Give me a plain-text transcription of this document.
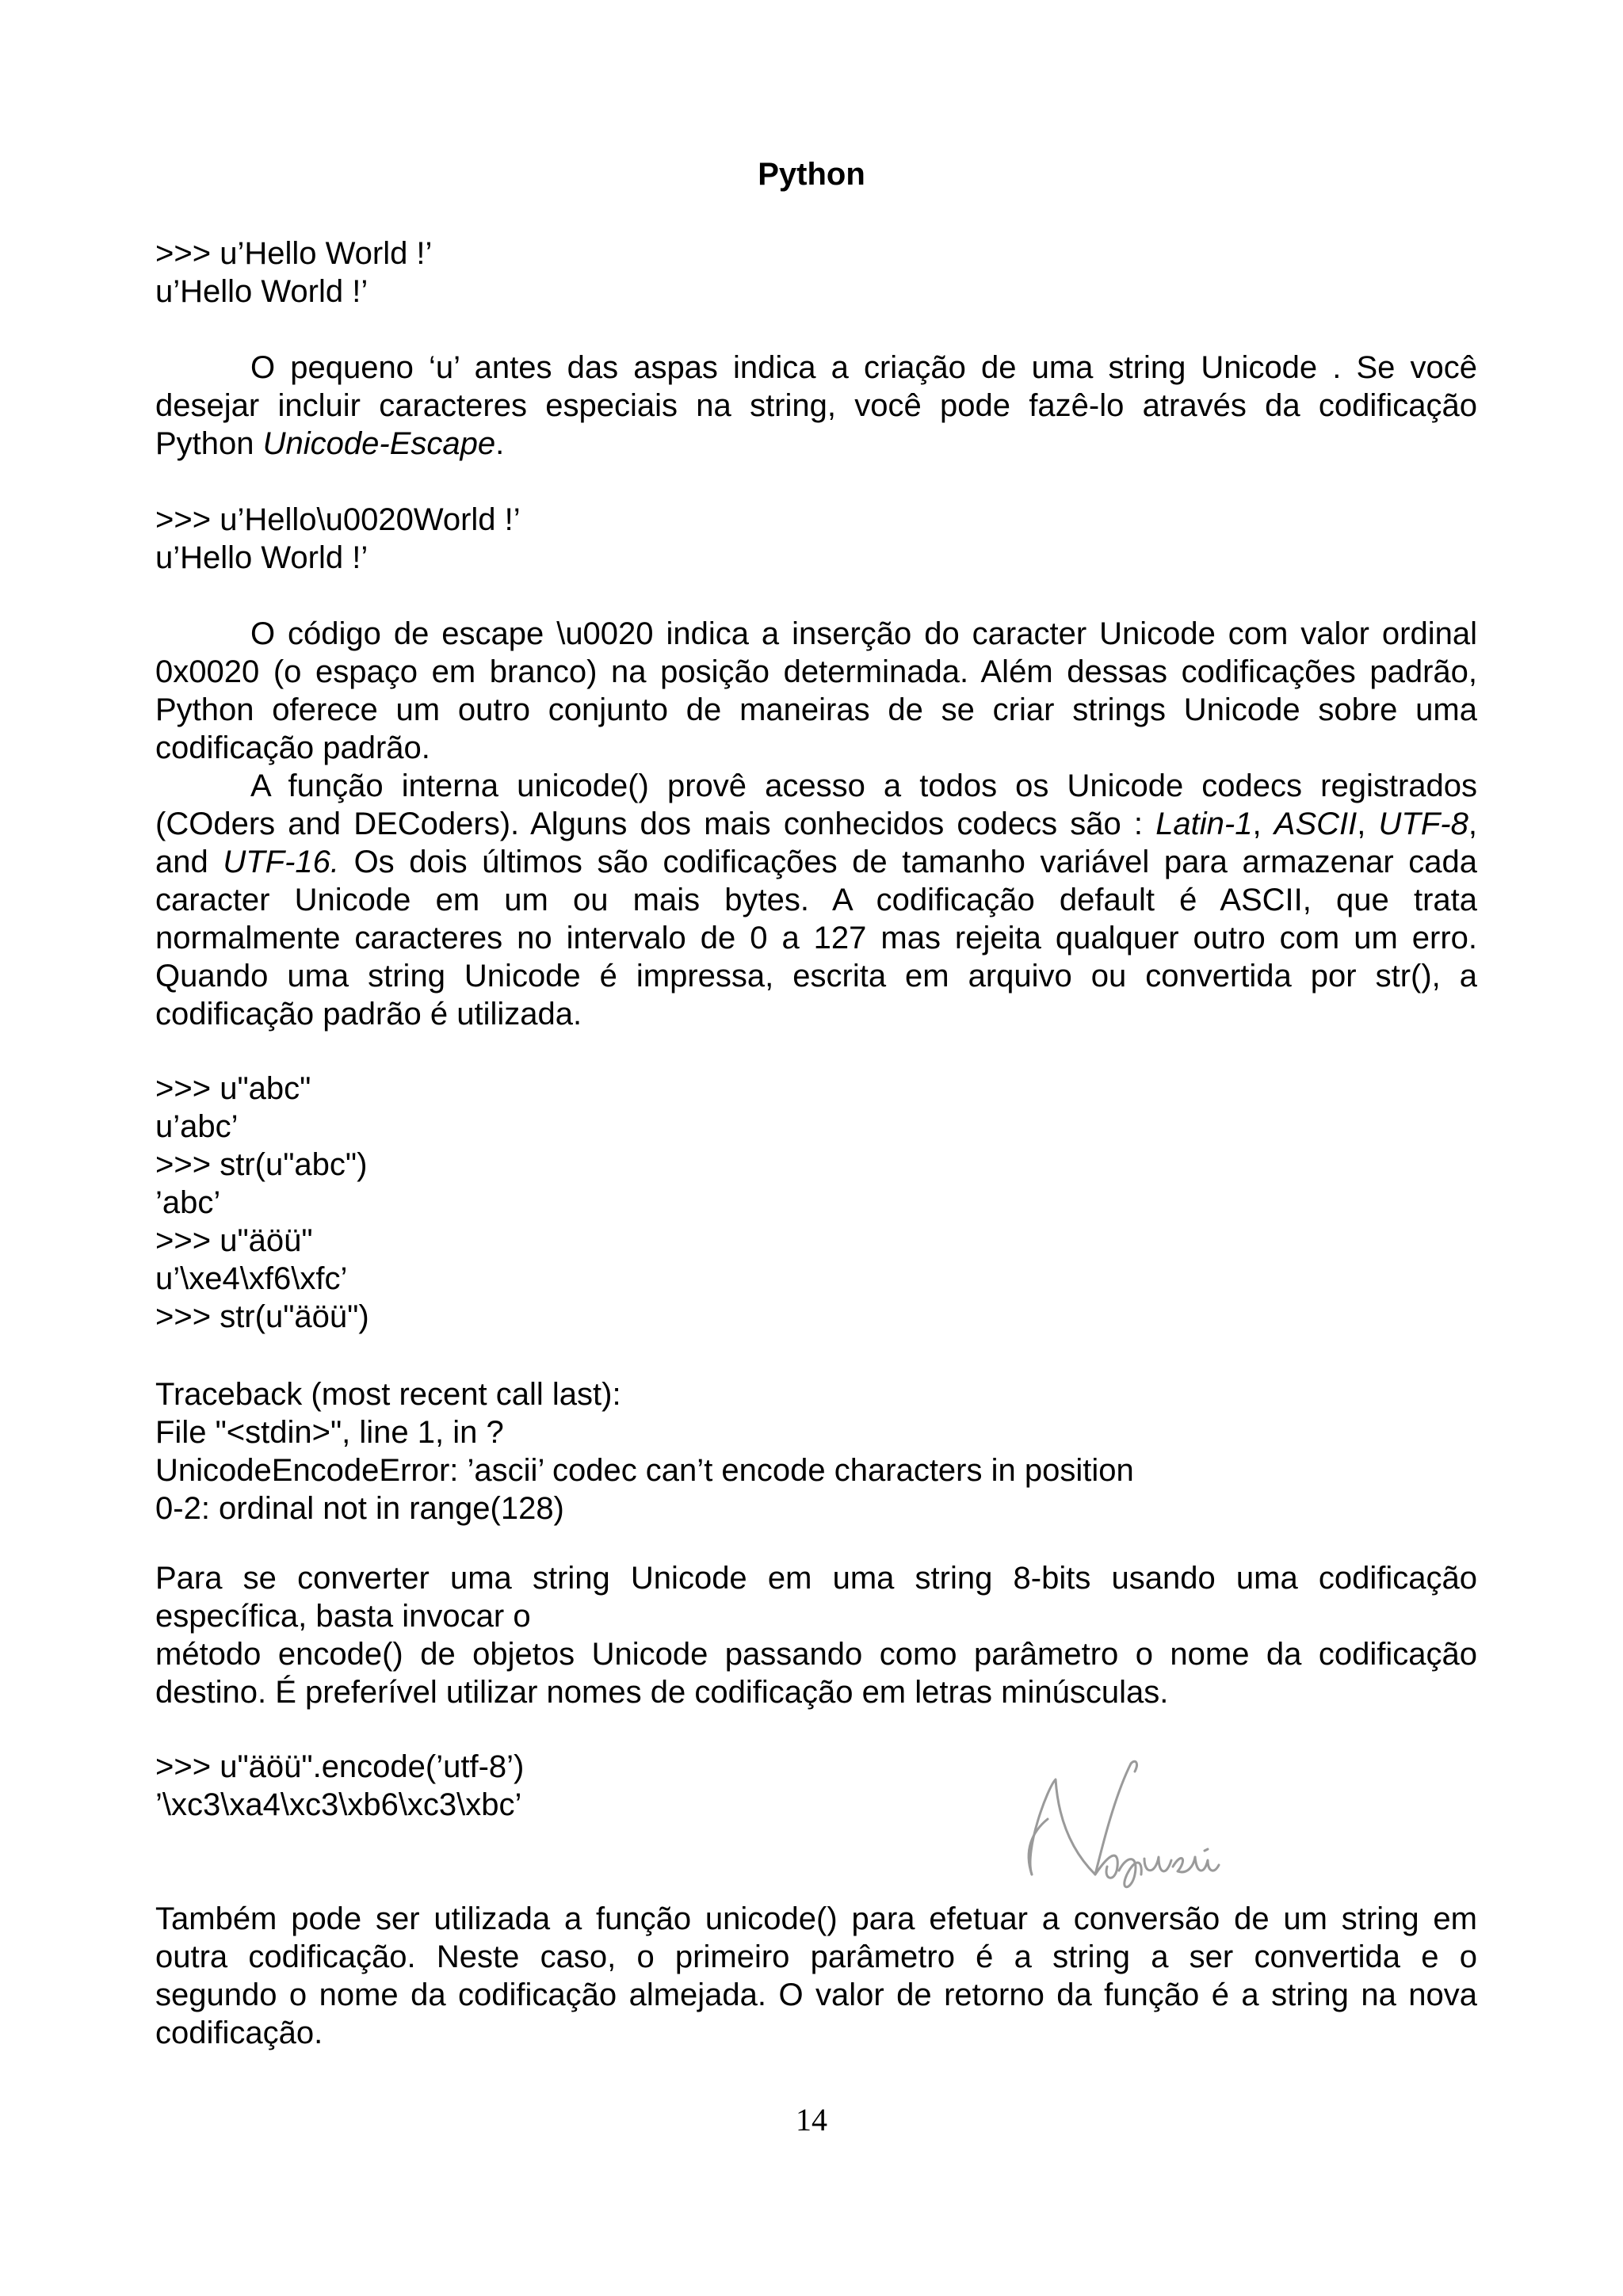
Python
>>> u’Hello World !’
u’Hello World !’
O pequeno ‘u’ antes das aspas indica a criação de uma string Unicode . Se você
desejar incluir caracteres especiais na string, você pode fazê-lo através da codificação
Python Unicode-Escape.
>>> u’Hello\u0020World !’
u’Hello World !’
O código de escape \u0020 indica a inserção do caracter Unicode com valor ordinal
0x0020 (o espaço em branco) na posição determinada. Além dessas codificações padrão,
Python oferece um outro conjunto de maneiras de se criar strings Unicode sobre uma
codificação padrão.
A função interna unicode() provê acesso a todos os Unicode codecs registrados
(COders and DECoders). Alguns dos mais conhecidos codecs são : Latin-1, ASCII, UTF-8,
and UTF-16. Os dois últimos são codificações de tamanho variável para armazenar cada
caracter Unicode em um ou mais bytes. A codificação default é ASCII, que trata
normalmente caracteres no intervalo de 0 a 127 mas rejeita qualquer outro com um erro.
Quando uma string Unicode é impressa, escrita em arquivo ou convertida por str(), a
codificação padrão é utilizada.
>>> u"abc"
u’abc’
>>> str(u"abc")
’abc’
>>> u"äöü"
u’\xe4\xf6\xfc’
>>> str(u"äöü")
Traceback (most recent call last):
File "<stdin>", line 1, in ?
UnicodeEncodeError: ’ascii’ codec can’t encode characters in position
0-2: ordinal not in range(128)
Para se converter uma string Unicode em uma string 8-bits usando uma codificação
específica, basta invocar o
método encode() de objetos Unicode passando como parâmetro o nome da codificação
destino. É preferível utilizar nomes de codificação em letras minúsculas.
>>> u"äöü".encode(’utf-8’)
’\xc3\xa4\xc3\xb6\xc3\xbc’
Também pode ser utilizada a função unicode() para efetuar a conversão de um string em
outra codificação. Neste caso, o primeiro parâmetro é a string a ser convertida e o
segundo o nome da codificação almejada. O valor de retorno da função é a string na nova
codificação.
14
